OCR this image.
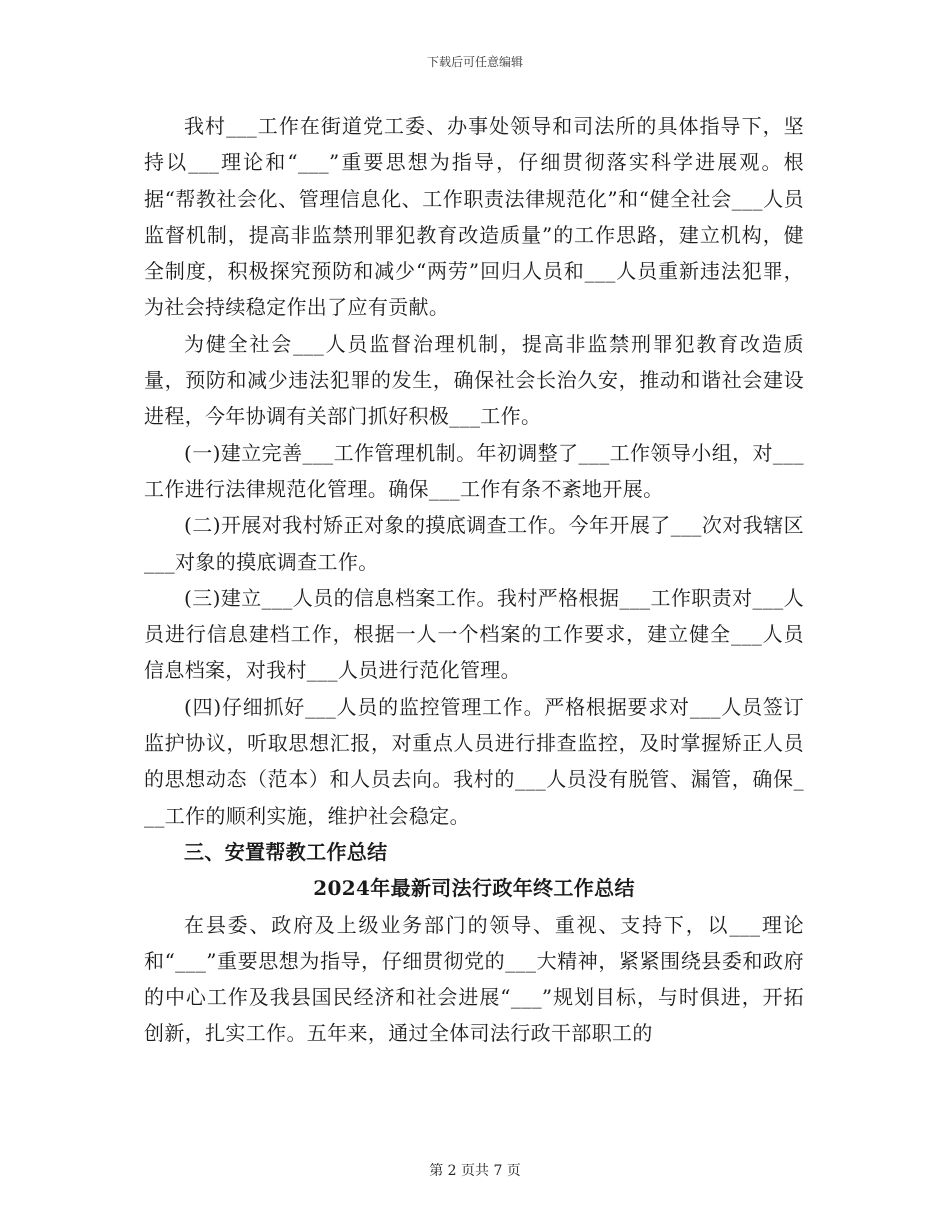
下载后可任意编辑

我村___工作在街道党工委、办事处领导和司法所的具体指导下，坚持以___理论和“___”重要思想为指导，仔细贯彻落实科学进展观。根据“帮教社会化、管理信息化、工作职责法律规范化”和“健全社会___人员监督机制，提高非监禁刑罪犯教育改造质量”的工作思路，建立机构，健全制度，积极探究预防和减少“两劳”回归人员和___人员重新违法犯罪，为社会持续稳定作出了应有贡献。

为健全社会___人员监督治理机制，提高非监禁刑罪犯教育改造质量，预防和减少违法犯罪的发生，确保社会长治久安，推动和谐社会建设进程，今年协调有关部门抓好积极___工作。

(一)建立完善___工作管理机制。年初调整了___工作领导小组，对___工作进行法律规范化管理。确保___工作有条不紊地开展。

(二)开展对我村矫正对象的摸底调查工作。今年开展了___次对我辖区___对象的摸底调查工作。

(三)建立___人员的信息档案工作。我村严格根据___工作职责对___人员进行信息建档工作，根据一人一个档案的工作要求，建立健全___人员信息档案，对我村___人员进行范化管理。

(四)仔细抓好___人员的监控管理工作。严格根据要求对___人员签订监护协议，听取思想汇报，对重点人员进行排查监控，及时掌握矫正人员的思想动态（范本）和人员去向。我村的___人员没有脱管、漏管，确保___工作的顺利实施，维护社会稳定。

三、安置帮教工作总结

2024年最新司法行政年终工作总结

在县委、政府及上级业务部门的领导、重视、支持下，以___理论和“___”重要思想为指导，仔细贯彻党的___大精神，紧紧围绕县委和政府的中心工作及我县国民经济和社会进展“___”规划目标，与时俱进，开拓创新，扎实工作。五年来，通过全体司法行政干部职工的

第 2 页共 7 页
